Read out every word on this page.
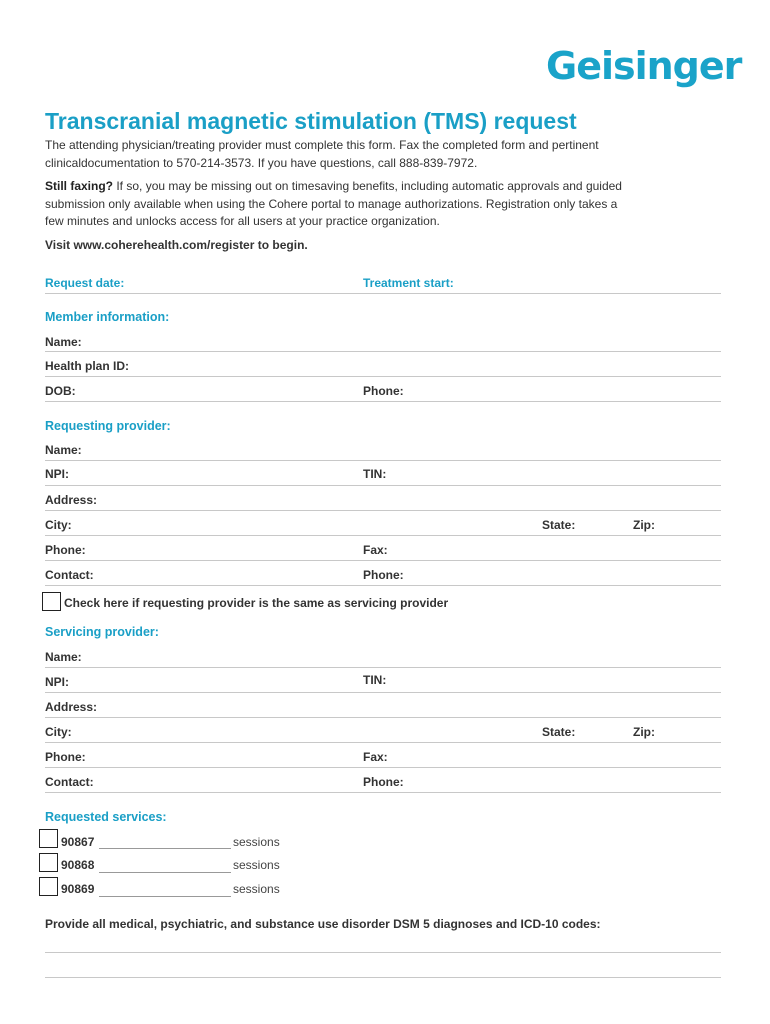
Geisinger
Transcranial magnetic stimulation (TMS) request
The attending physician/treating provider must complete this form. Fax the completed form and pertinent
clinicaldocumentation to 570-214-3573. If you have questions, call 888-839-7972.
Still faxing? If so, you may be missing out on timesaving benefits, including automatic approvals and guided
submission only available when using the Cohere portal to manage authorizations. Registration only takes a
few minutes and unlocks access for all users at your practice organization.
Visit www.coherehealth.com/register to begin.
Request date:	Treatment start:
Member information:
Name:
Health plan ID:
DOB:	Phone:
Requesting provider:
Name:
NPI:	TIN:
Address:
City:	State:	Zip:
Phone:	Fax:
Contact:	Phone:
Check here if requesting provider is the same as servicing provider
Servicing provider:
Name:
NPI:	TIN:
Address:
City:	State:	Zip:
Phone:	Fax:
Contact:	Phone:
Requested services:
90867	sessions
90868	sessions
90869	sessions
Provide all medical, psychiatric, and substance use disorder DSM 5 diagnoses and ICD-10 codes:
